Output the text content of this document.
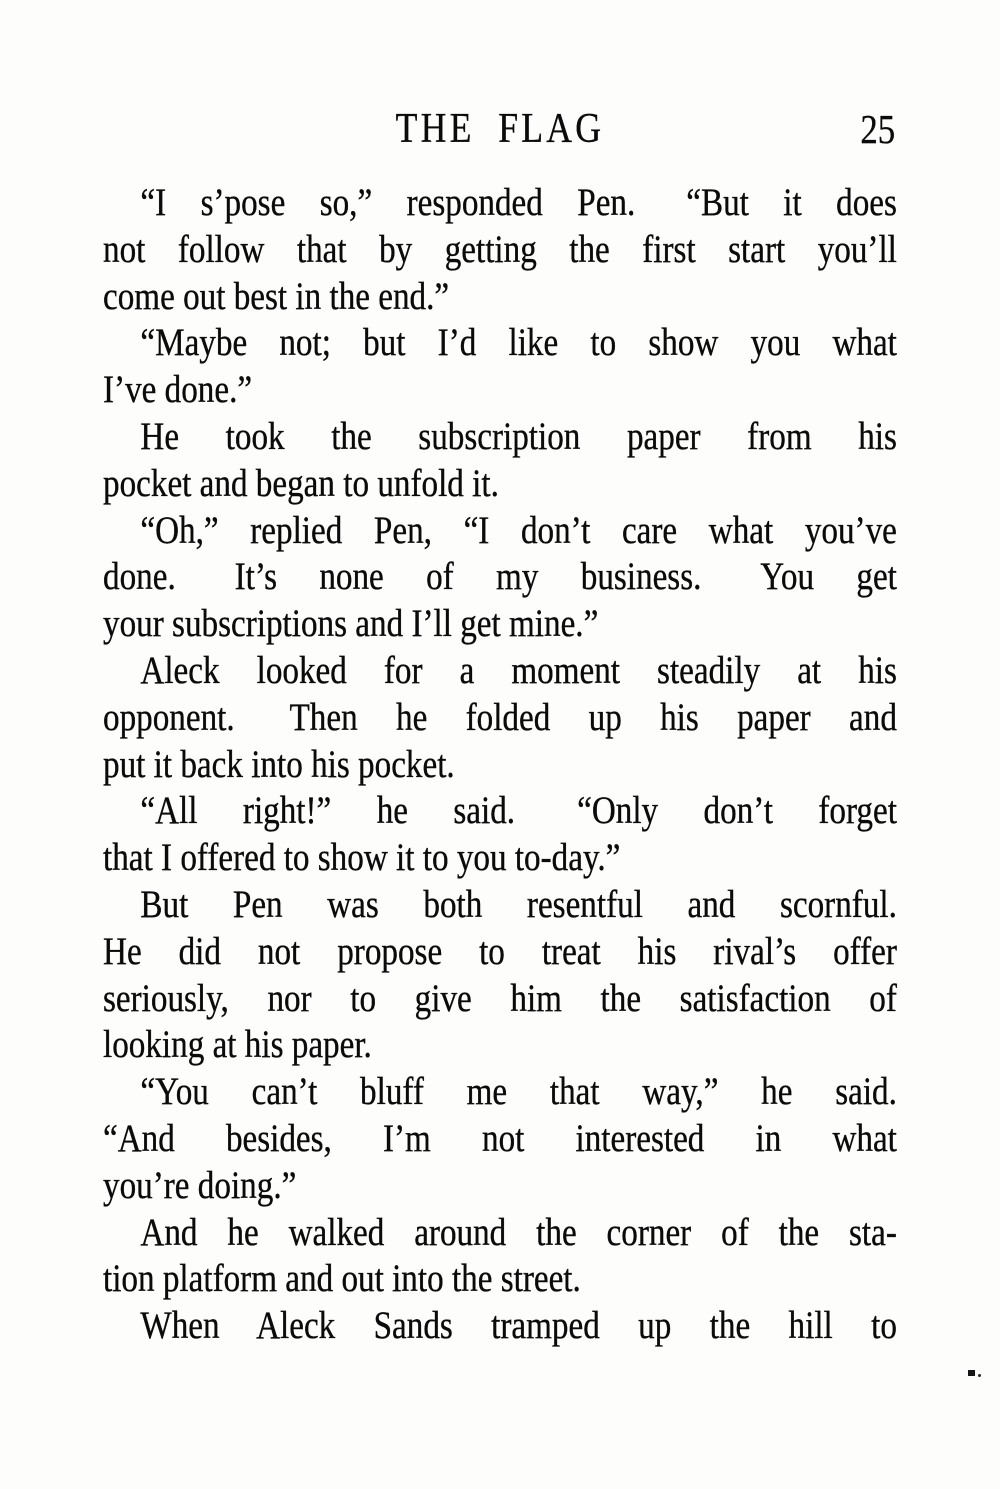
THE FLAG	25
“I s’pose so,” responded Pen.  “But it does
not follow that by getting the first start you’ll
come out best in the end.”
“Maybe not; but I’d like to show you what
I’ve done.”
He took the subscription paper from his
pocket and began to unfold it.
“Oh,” replied Pen, “I don’t care what you’ve
done.  It’s none of my business.  You get
your subscriptions and I’ll get mine.”
Aleck looked for a moment steadily at his
opponent.  Then he folded up his paper and
put it back into his pocket.
“All right!” he said.  “Only don’t forget
that I offered to show it to you to-day.”
But Pen was both resentful and scornful.
He did not propose to treat his rival’s offer
seriously, nor to give him the satisfaction of
looking at his paper.
“You can’t bluff me that way,” he said.
“And besides, I’m not interested in what
you’re doing.”
And he walked around the corner of the sta-
tion platform and out into the street.
When Aleck Sands tramped up the hill to
